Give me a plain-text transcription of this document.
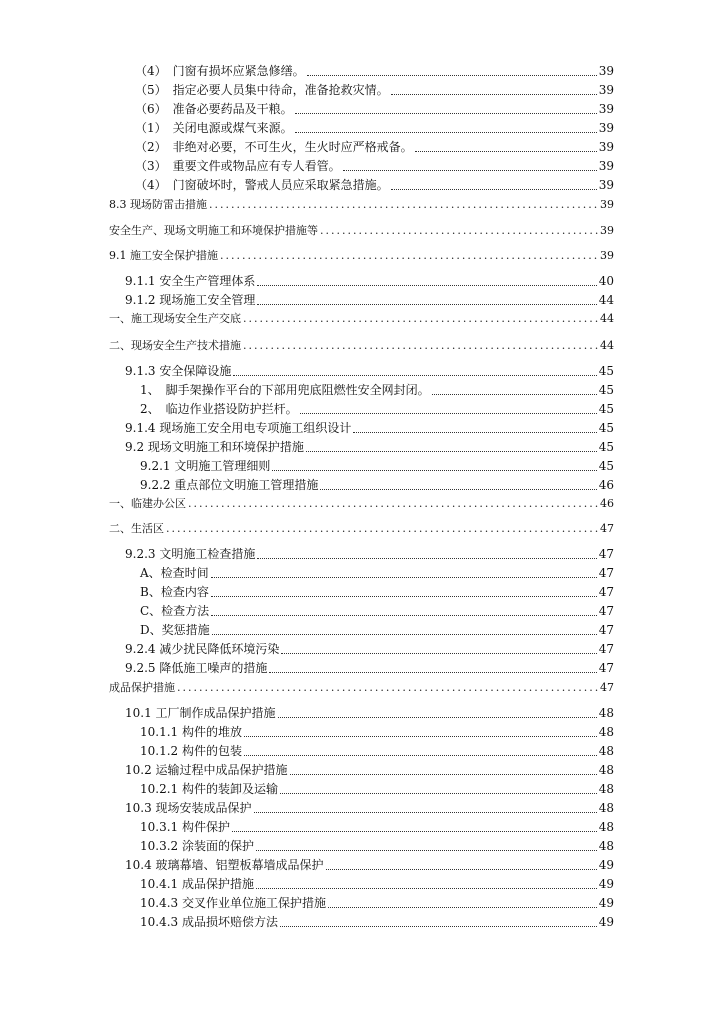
（4）　门窗有损坏应紧急修缮。	39
（5）　指定必要人员集中待命，准备抢救灾情。	39
（6）　准备必要药品及干粮。	39
（1）　关闭电源或煤气来源。	39
（2）　非绝对必要，不可生火，生火时应严格戒备。	39
（3）　重要文件或物品应有专人看管。	39
（4）　门窗破坏时，警戒人员应采取紧急措施。	39
8.3 现场防雷击措施 .....	39
安全生产、现场文明施工和环境保护措施等 .....	39
9.1 施工安全保护措施 .....	39
9.1.1 安全生产管理体系	40
9.1.2 现场施工安全管理	44
一、施工现场安全生产交底 .....	44
二、现场安全生产技术措施 .....	44
9.1.3 安全保障设施	45
1、　脚手架操作平台的下部用兜底阻燃性安全网封闭。	45
2、　临边作业搭设防护拦杆。	45
9.1.4 现场施工安全用电专项施工组织设计	45
9.2 现场文明施工和环境保护措施	45
9.2.1 文明施工管理细则	45
9.2.2 重点部位文明施工管理措施	46
一、临建办公区 .....	46
二、生活区 .....	47
9.2.3 文明施工检查措施	47
A、检查时间	47
B、检查内容	47
C、检查方法	47
D、奖惩措施	47
9.2.4 减少扰民降低环境污染	47
9.2.5 降低施工噪声的措施	47
成品保护措施 .....	47
10.1 工厂制作成品保护措施	48
10.1.1 构件的堆放	48
10.1.2 构件的包装	48
10.2 运输过程中成品保护措施	48
10.2.1 构件的装卸及运输	48
10.3 现场安装成品保护	48
10.3.1 构件保护	48
10.3.2 涂装面的保护	48
10.4 玻璃幕墙、铝塑板幕墙成品保护	49
10.4.1 成品保护措施	49
10.4.3 交叉作业单位施工保护措施	49
10.4.3 成品损坏赔偿方法	49
